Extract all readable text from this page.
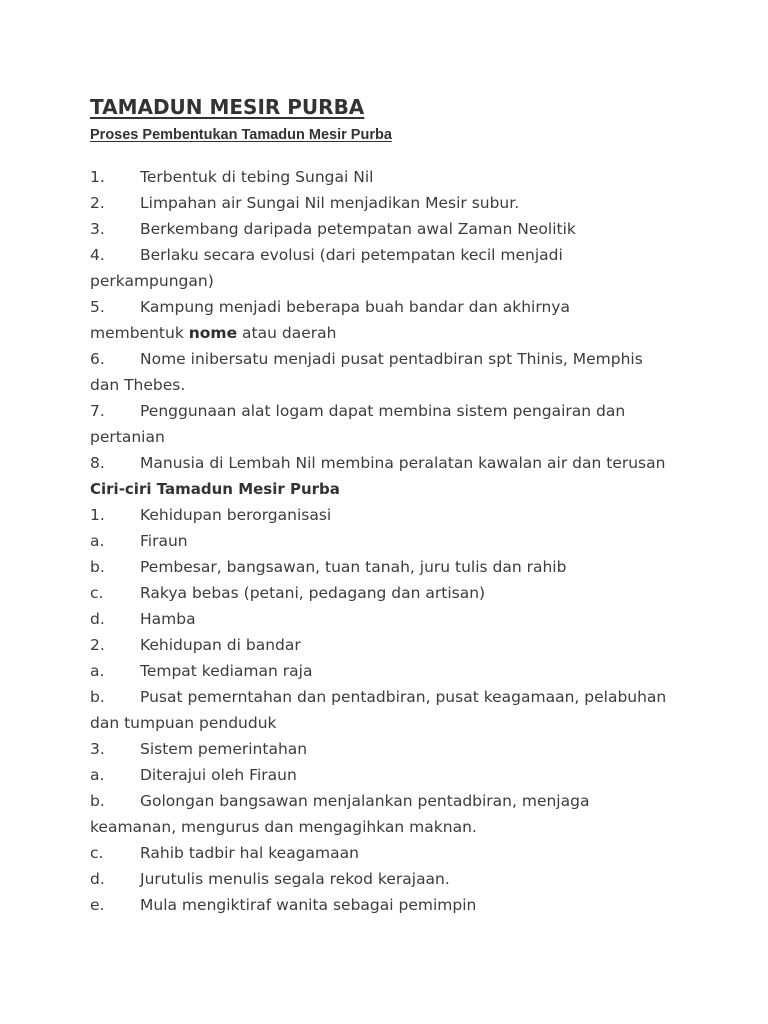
TAMADUN MESIR PURBA
Proses Pembentukan Tamadun Mesir Purba

1. Terbentuk di tebing Sungai Nil

2. Limpahan air Sungai Nil menjadikan Mesir subur.

3. Berkembang daripada petempatan awal Zaman Neolitik

4. Berlaku secara evolusi (dari petempatan kecil menjadi
perkampungan)

5. Kampung menjadi beberapa buah bandar dan akhirnya
membentuk nome atau daerah

6. Nome inibersatu menjadi pusat pentadbiran spt Thinis, Memphis
dan Thebes.

7. Penggunaan alat logam dapat membina sistem pengairan dan
pertanian

8. Manusia di Lembah Nil membina peralatan kawalan air dan terusan

Ciri-ciri Tamadun Mesir Purba

1. Kehidupan berorganisasi

a. Firaun

b. Pembesar, bangsawan, tuan tanah, juru tulis dan rahib

c. Rakya bebas (petani, pedagang dan artisan)

d. Hamba

2. Kehidupan di bandar

a. Tempat kediaman raja

b. Pusat pemerntahan dan pentadbiran, pusat keagamaan, pelabuhan
dan tumpuan penduduk

3. Sistem pemerintahan

a. Diterajui oleh Firaun

b. Golongan bangsawan menjalankan pentadbiran, menjaga
keamanan, mengurus dan mengagihkan maknan.

c. Rahib tadbir hal keagamaan

d. Jurutulis menulis segala rekod kerajaan.

e. Mula mengiktiraf wanita sebagai pemimpin
